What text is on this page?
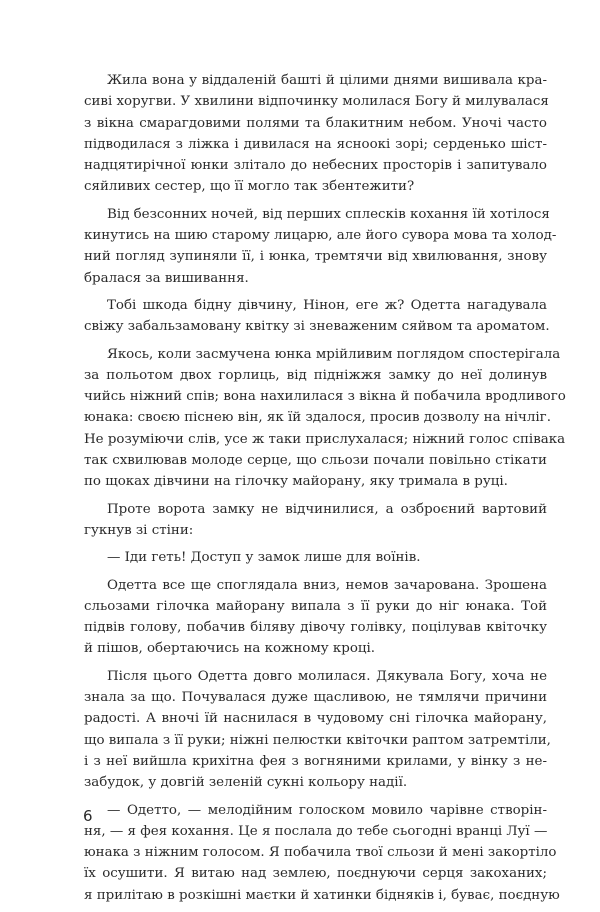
Жила вона у віддаленій башті й цілими днями вишивала кра-
сиві хоругви. У хвилини відпочинку молилася Богу й милувалася
з вікна смарагдовими полями та блакитним небом. Уночі часто
підводилася з ліжка і дивилася на ясноокі зорі; серденько шіст-
надцятирічної юнки злітало до небесних просторів і запитувало
сяйливих сестер, що її могло так збентежити?
Від безсонних ночей, від перших сплесків кохання їй хотілося
кинутись на шию старому лицарю, але його сувора мова та холод-
ний погляд зупиняли її, і юнка, тремтячи від хвилювання, знову
бралася за вишивання.
Тобі шкода бідну дівчину, Нінон, еге ж? Одетта нагадувала
свіжу забальзамовану квітку зі зневаженим сяйвом та ароматом.
Якось, коли засмучена юнка мрійливим поглядом спостерігала
за польотом двох горлиць, від підніжжя замку до неї долинув
чийсь ніжний спів; вона нахилилася з вікна й побачила вродливого
юнака: своєю піснею він, як їй здалося, просив дозволу на нічліг.
Не розуміючи слів, усе ж таки прислухалася; ніжний голос співака
так схвилював молоде серце, що сльози почали повільно стікати
по щоках дівчини на гілочку майорану, яку тримала в руці.
Проте ворота замку не відчинилися, а озброєний вартовий
гукнув зі стіни:
— Іди геть! Доступ у замок лише для воїнів.
Одетта все ще споглядала вниз, немов зачарована. Зрошена
сльозами гілочка майорану випала з її руки до ніг юнака. Той
підвів голову, побачив біляву дівочу голівку, поцілував квіточку
й пішов, обертаючись на кожному кроці.
Після цього Одетта довго молилася. Дякувала Богу, хоча не
знала за що. Почувалася дуже щасливою, не тямлячи причини
радості. А вночі їй наснилася в чудовому сні гілочка майорану,
що випала з її руки; ніжні пелюстки квіточки раптом затремтіли,
і з неї вийшла крихітна фея з вогняними крилами, у вінку з не-
забудок, у довгій зеленій сукні кольору надії.
— Одетто, — мелодійним голоском мовило чарівне створін-
ня, — я фея кохання. Це я послала до тебе сьогодні вранці Луї —
юнака з ніжним голосом. Я побачила твої сльози й мені закортіло
їх осушити. Я витаю над землею, поєднуючи серця закоханих;
я прилітаю в розкішні маєтки й хатинки бідняків і, буває, поєдную
6
